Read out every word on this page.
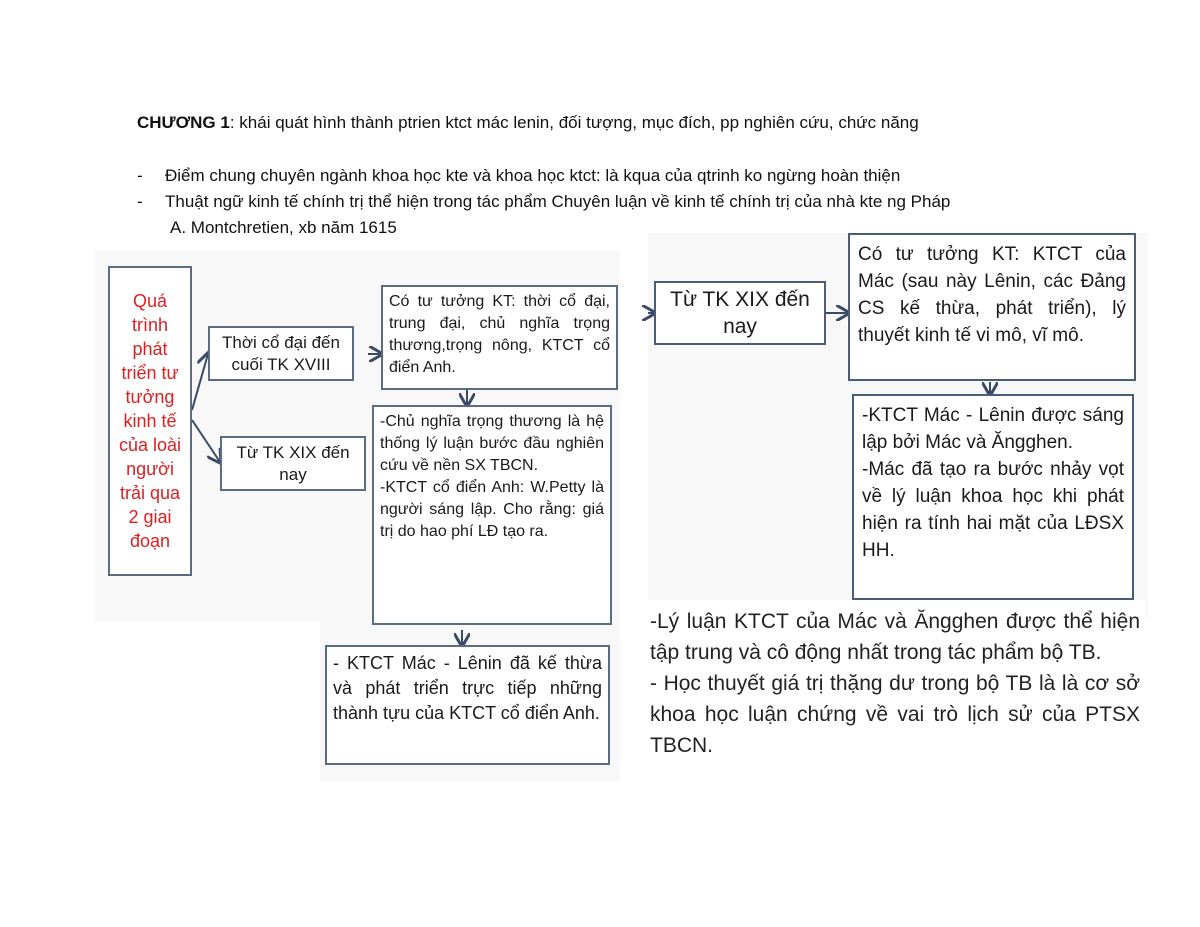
CHƯƠNG 1: khái quát hình thành ptrien ktct mác lenin, đối tượng, mục đích, pp nghiên cứu, chức năng
- Điểm chung chuyên ngành khoa học kte và khoa học ktct: là kqua của qtrinh ko ngừng hoàn thiện
- Thuật ngữ kinh tế chính trị thể hiện trong tác phẩm Chuyên luận về kinh tế chính trị của nhà kte ng Pháp
A. Montchretien, xb năm 1615
Quá trình phát triển tư tưởng kinh tế của loài người trải qua 2 giai đoạn
Thời cổ đại đến cuối TK XVIII
Từ TK XIX đến nay
Có tư tưởng KT: thời cổ đại, trung đại, chủ nghĩa trọng thương,trọng nông, KTCT cổ điển Anh.
-Chủ nghĩa trọng thương là hệ thống lý luận bước đầu nghiên cứu về nền SX TBCN.
-KTCT cổ điển Anh: W.Petty là người sáng lập. Cho rằng: giá trị do hao phí LĐ tạo ra.
- KTCT Mác - Lênin đã kế thừa và phát triển trực tiếp những thành tựu của KTCT cổ điển Anh.
Từ TK XIX đến nay
Có tư tưởng KT: KTCT của Mác (sau này Lênin, các Đảng CS kế thừa, phát triển), lý thuyết kinh tế vi mô, vĩ mô.
-KTCT Mác - Lênin được sáng lập bởi Mác và Ăngghen.
-Mác đã tạo ra bước nhảy vọt về lý luận khoa học khi phát hiện ra tính hai mặt của LĐSX HH.
-Lý luận KTCT của Mác và Ăngghen được thể hiện tập trung và cô động nhất trong tác phẩm bộ TB.
- Học thuyết giá trị thặng dư trong bộ TB là là cơ sở khoa học luận chứng về vai trò lịch sử của PTSX TBCN.
